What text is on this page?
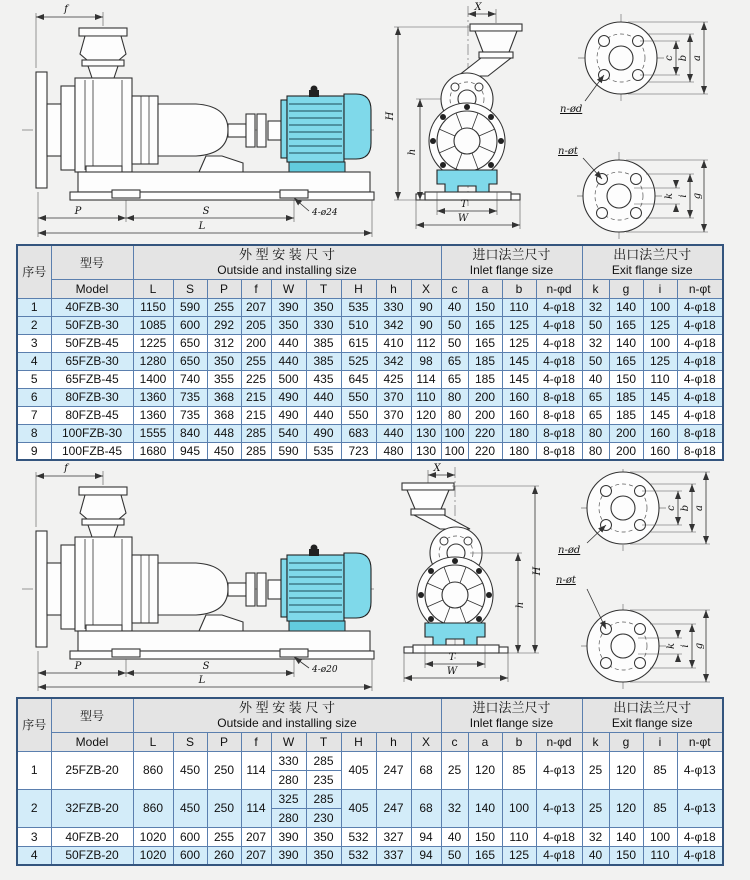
f
P	S
L
4-ø24
X
H
h
T
W
c b a
n-ød
k i g
n-øt
序号	型号	
外 型 安 装 尺 寸
Outside and installing size

进口法兰尺寸
Inlet flange size

出口法兰尺寸
Exit flange size

	Model	L	S	P	f	W	T	H	h	X	c	a	b	n-φd	k	g	i	n-φt
1	40FZB-30	1150	590	255	207	390	350	535	330	90	40	150	110	4-φ18	32	140	100	4-φ18
2	50FZB-30	1085	600	292	205	350	330	510	342	90	50	165	125	4-φ18	50	165	125	4-φ18
3	50FZB-45	1225	650	312	200	440	385	615	410	112	50	165	125	4-φ18	32	140	100	4-φ18
4	65FZB-30	1280	650	350	255	440	385	525	342	98	65	185	145	4-φ18	50	165	125	4-φ18
5	65FZB-45	1400	740	355	225	500	435	645	425	114	65	185	145	4-φ18	40	150	110	4-φ18
6	80FZB-30	1360	735	368	215	490	440	550	370	110	80	200	160	8-φ18	65	185	145	4-φ18
7	80FZB-45	1360	735	368	215	490	440	550	370	120	80	200	160	8-φ18	65	185	145	4-φ18
8	100FZB-30	1555	840	448	285	540	490	683	440	130	100	220	180	8-φ18	80	200	160	8-φ18
9	100FZB-45	1680	945	450	285	590	535	723	480	130	100	220	180	8-φ18	80	200	160	8-φ18
f
P	S
L
4-ø20
X
H
h
T
W
c b a
n-ød
k i g
n-øt
序号	型号	
外 型 安 装 尺 寸
Outside and installing size

进口法兰尺寸
Inlet flange size

出口法兰尺寸
Exit flange size

	Model	L	S	P	f	W	T	H	h	X	c	a	b	n-φd	k	g	i	n-φt
1	25FZB-20	860	450	250	114	330	285	405	247	68	25	120	85	4-φ13	25	120	85	4-φ13
						280	235											
2	32FZB-20	860	450	250	114	325	285	405	247	68	32	140	100	4-φ13	25	120	85	4-φ13
						280	230											
3	40FZB-20	1020	600	255	207	390	350	532	327	94	40	150	110	4-φ18	32	140	100	4-φ18
4	50FZB-20	1020	600	260	207	390	350	532	337	94	50	165	125	4-φ18	40	150	110	4-φ18
